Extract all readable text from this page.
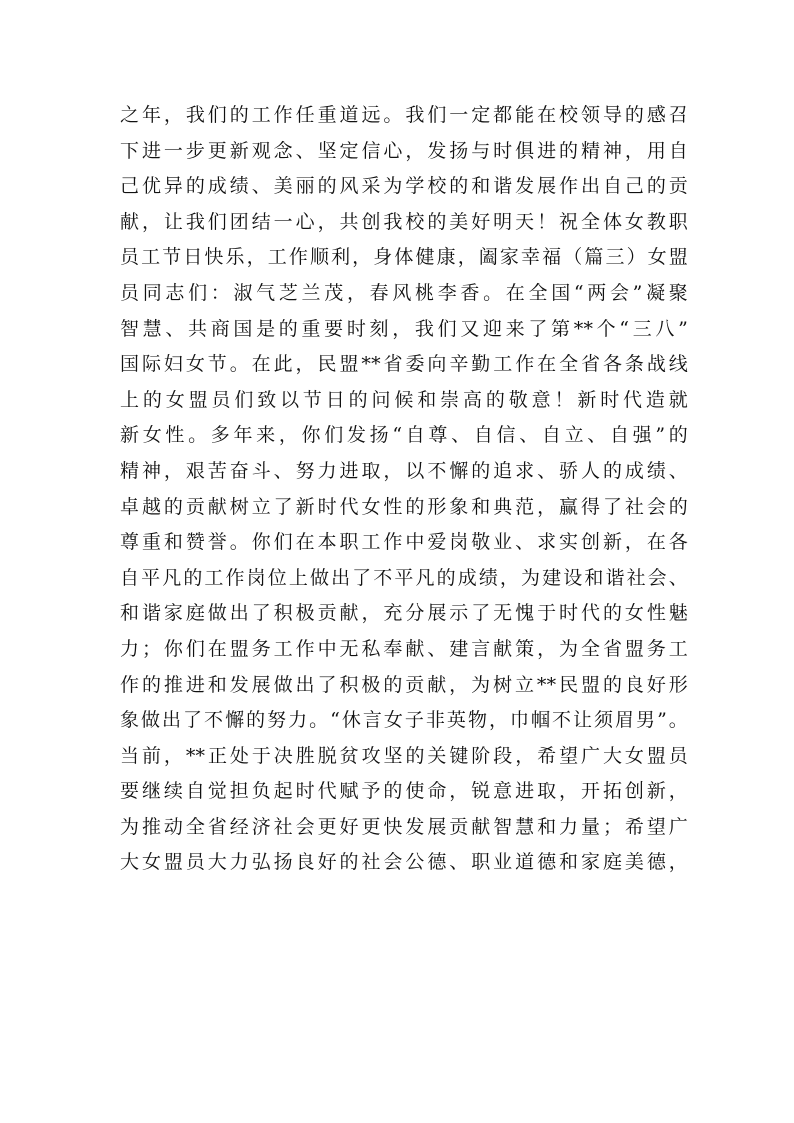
之年，我们的工作任重道远。我们一定都能在校领导的感召
下进一步更新观念、坚定信心，发扬与时俱进的精神，用自
己优异的成绩、美丽的风采为学校的和谐发展作出自己的贡
献，让我们团结一心，共创我校的美好明天！祝全体女教职
员工节日快乐，工作顺利，身体健康，阖家幸福（篇三）女盟
员同志们：淑气芝兰茂，春风桃李香。在全国“两会”凝聚
智慧、共商国是的重要时刻，我们又迎来了第**个“三八”
国际妇女节。在此，民盟**省委向辛勤工作在全省各条战线
上的女盟员们致以节日的问候和崇高的敬意！新时代造就
新女性。多年来，你们发扬“自尊、自信、自立、自强”的
精神，艰苦奋斗、努力进取，以不懈的追求、骄人的成绩、
卓越的贡献树立了新时代女性的形象和典范，赢得了社会的
尊重和赞誉。你们在本职工作中爱岗敬业、求实创新，在各
自平凡的工作岗位上做出了不平凡的成绩，为建设和谐社会、
和谐家庭做出了积极贡献，充分展示了无愧于时代的女性魅
力；你们在盟务工作中无私奉献、建言献策，为全省盟务工
作的推进和发展做出了积极的贡献，为树立**民盟的良好形
象做出了不懈的努力。“休言女子非英物，巾帼不让须眉男”。
当前，**正处于决胜脱贫攻坚的关键阶段，希望广大女盟员
要继续自觉担负起时代赋予的使命，锐意进取，开拓创新，
为推动全省经济社会更好更快发展贡献智慧和力量；希望广
大女盟员大力弘扬良好的社会公德、职业道德和家庭美德，
